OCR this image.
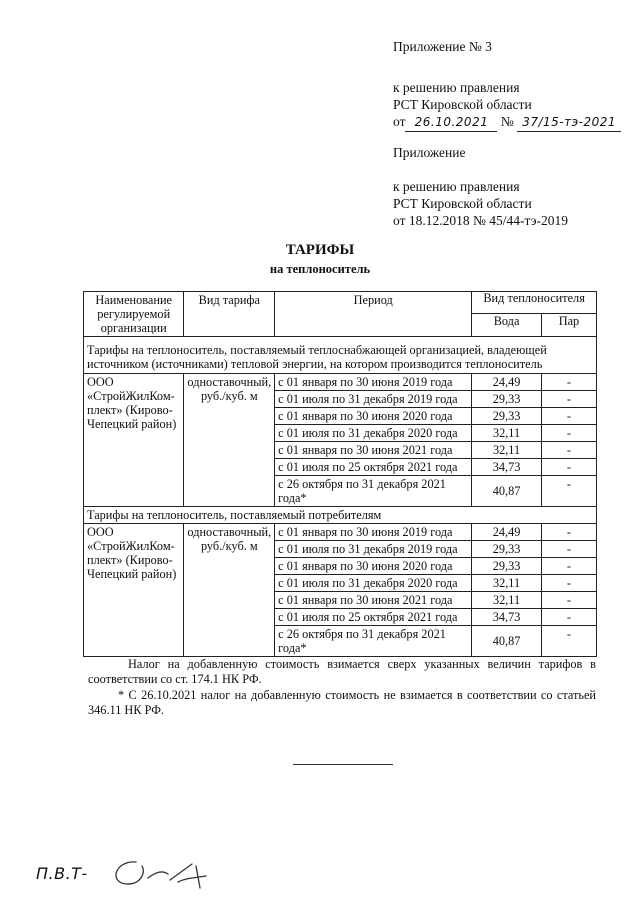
Приложение № 3
к решению правления
РСТ Кировской области
от 26.10.2021 № 37/15-тэ-2021
Приложение
к решению правления
РСТ Кировской области
от 18.12.2018 № 45/44-тэ-2019
ТАРИФЫ
на теплоноситель
Наименование регулируемой организации	Вид тарифа	Период	Вид теплоносителя	
			Вода	Пар
Тарифы на теплоноситель, поставляемый теплоснабжающей организацией, владеющей источником (источниками) тепловой энергии, на котором производится теплоноситель				
ООО «СтройЖилКом-плект» (Кирово-Чепецкий район)	одноставочный, руб./куб. м	с 01 января по 30 июня 2019 года	24,49	-
		с 01 июля по 31 декабря 2019 года	29,33	-
		с 01 января по 30 июня 2020 года	29,33	-
		с 01 июля по 31 декабря 2020 года	32,11	-
		с 01 января по 30 июня 2021 года	32,11	-
		с 01 июля по 25 октября 2021 года	34,73	-
		с 26 октября по 31 декабря 2021 года*	40,87	-
Тарифы на теплоноситель, поставляемый потребителям				
ООО «СтройЖилКом-плект» (Кирово-Чепецкий район)	одноставочный, руб./куб. м	с 01 января по 30 июня 2019 года	24,49	-
		с 01 июля по 31 декабря 2019 года	29,33	-
		с 01 января по 30 июня 2020 года	29,33	-
		с 01 июля по 31 декабря 2020 года	32,11	-
		с 01 января по 30 июня 2021 года	32,11	-
		с 01 июля по 25 октября 2021 года	34,73	-
		с 26 октября по 31 декабря 2021 года*	40,87	-
Налог на добавленную стоимость взимается сверх указанных величин тарифов в соответствии со ст. 174.1 НК РФ.
* С 26.10.2021 налог на добавленную стоимость не взимается в соответствии со статьей 346.11 НК РФ.
П.В.Т-
